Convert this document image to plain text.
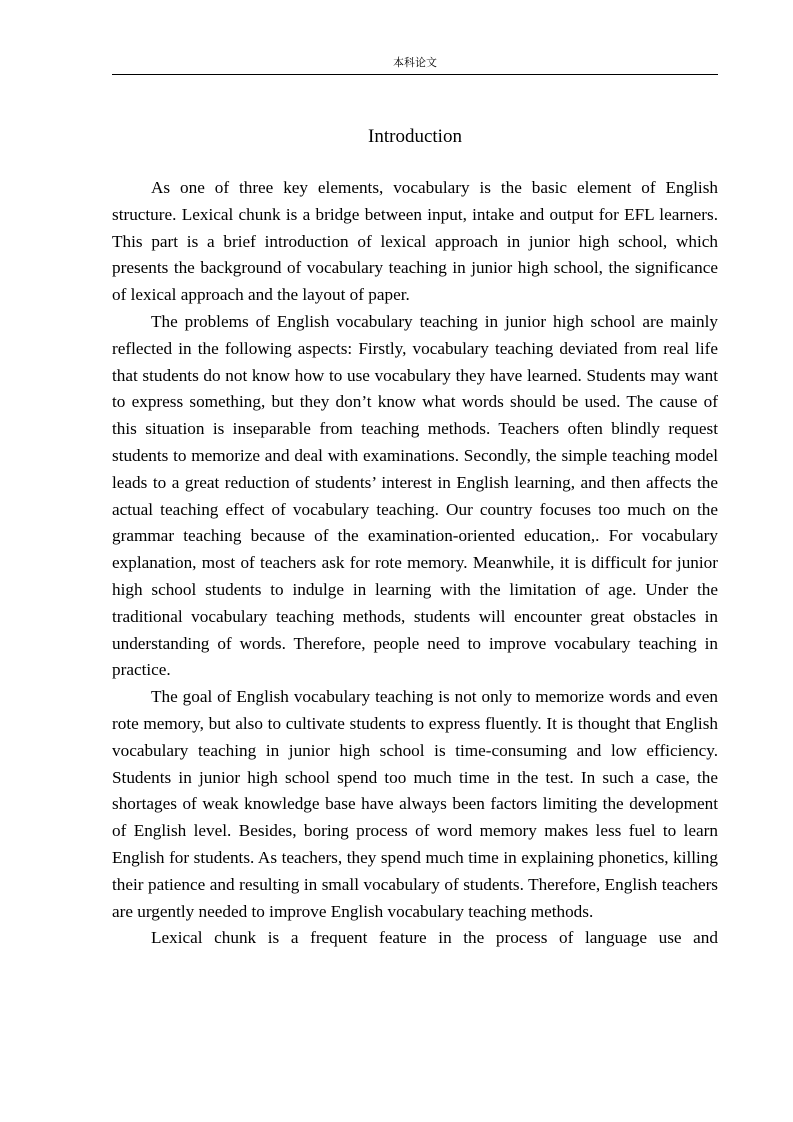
本科论文
Introduction

As one of three key elements, vocabulary is the basic element of English structure. Lexical chunk is a bridge between input, intake and output for EFL learners. This part is a brief introduction of lexical approach in junior high school, which presents the background of vocabulary teaching in junior high school, the significance of lexical approach and the layout of paper.

The problems of English vocabulary teaching in junior high school are mainly reflected in the following aspects: Firstly, vocabulary teaching deviated from real life that students do not know how to use vocabulary they have learned. Students may want to express something, but they don’t know what words should be used. The cause of this situation is inseparable from teaching methods. Teachers often blindly request students to memorize and deal with examinations. Secondly, the simple teaching model leads to a great reduction of students’ interest in English learning, and then affects the actual teaching effect of vocabulary teaching. Our country focuses too much on the grammar teaching because of the examination-oriented education,. For vocabulary explanation, most of teachers ask for rote memory. Meanwhile, it is difficult for junior high school students to indulge in learning with the limitation of age. Under the traditional vocabulary teaching methods, students will encounter great obstacles in understanding of words. Therefore, people need to improve vocabulary teaching in practice.

The goal of English vocabulary teaching is not only to memorize words and even rote memory, but also to cultivate students to express fluently. It is thought that English vocabulary teaching in junior high school is time-consuming and low efficiency. Students in junior high school spend too much time in the test. In such a case, the shortages of weak knowledge base have always been factors limiting the development of English level. Besides, boring process of word memory makes less fuel to learn English for students. As teachers, they spend much time in explaining phonetics, killing their patience and resulting in small vocabulary of students. Therefore, English teachers are urgently needed to improve English vocabulary teaching methods.

Lexical chunk is a frequent feature in the process of language use and
